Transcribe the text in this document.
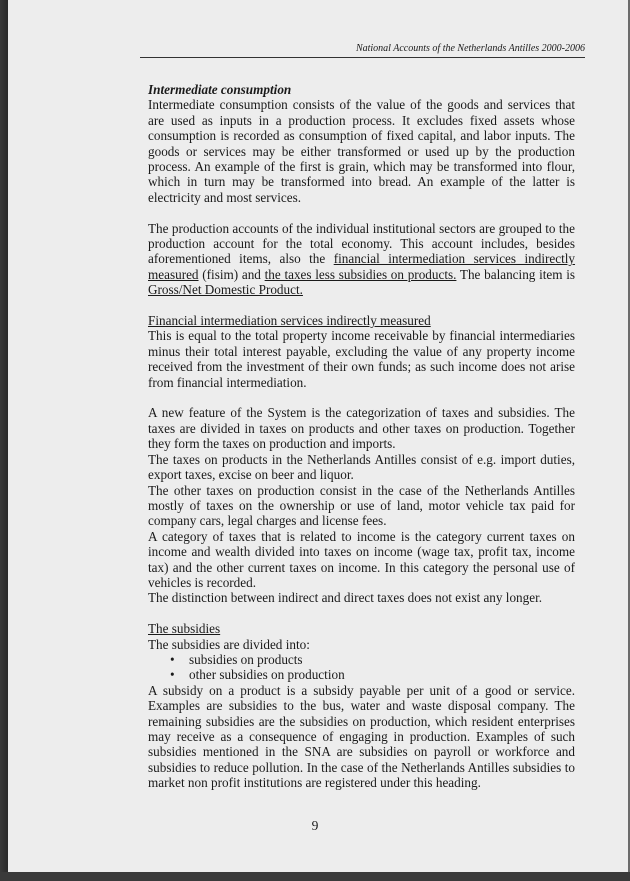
National Accounts of the Netherlands Antilles 2000-2006

Intermediate consumption

Intermediate consumption consists of the value of the goods and services that are used as inputs in a production process. It excludes fixed assets whose consumption is recorded as consumption of fixed capital, and labor inputs. The goods or services may be either transformed or used up by the production process. An example of the first is grain, which may be transformed into flour, which in turn may be transformed into bread. An example of the latter is electricity and most services.

The production accounts of the individual institutional sectors are grouped to the production account for the total economy. This account includes, besides aforementioned items, also the financial intermediation services indirectly measured (fisim) and the taxes less subsidies on products. The balancing item is Gross/Net Domestic Product.

Financial intermediation services indirectly measured

This is equal to the total property income receivable by financial intermediaries minus their total interest payable, excluding the value of any property income received from the investment of their own funds; as such income does not arise from financial intermediation.

A new feature of the System is the categorization of taxes and subsidies. The taxes are divided in taxes on products and other taxes on production. Together they form the taxes on production and imports.

The taxes on products in the Netherlands Antilles consist of e.g. import duties, export taxes, excise on beer and liquor.

The other taxes on production consist in the case of the Netherlands Antilles mostly of taxes on the ownership or use of land, motor vehicle tax paid for company cars, legal charges and license fees.

A category of taxes that is related to income is the category current taxes on income and wealth divided into taxes on income (wage tax, profit tax, income tax) and the other current taxes on income. In this category the personal use of vehicles is recorded.

The distinction between indirect and direct taxes does not exist any longer.

The subsidies

The subsidies are divided into:

• subsidies on products
• other subsidies on production

A subsidy on a product is a subsidy payable per unit of a good or service. Examples are subsidies to the bus, water and waste disposal company. The remaining subsidies are the subsidies on production, which resident enterprises may receive as a consequence of engaging in production. Examples of such subsidies mentioned in the SNA are subsidies on payroll or workforce and subsidies to reduce pollution. In the case of the Netherlands Antilles subsidies to market non profit institutions are registered under this heading.

9
